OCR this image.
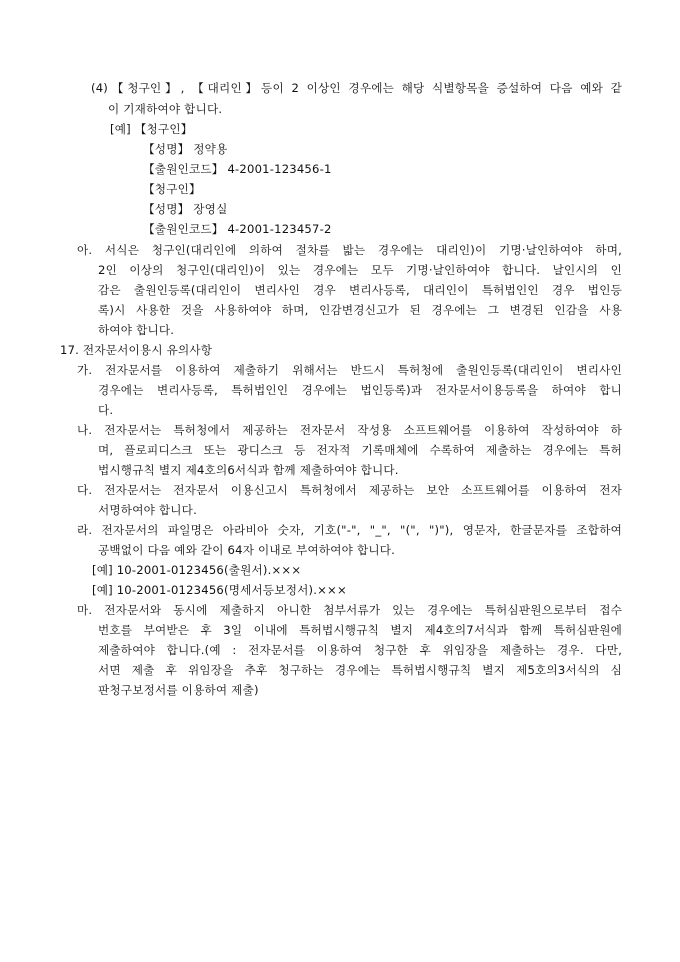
(4)【청구인】, 【대리인】등이 2 이상인 경우에는 해당 식별항목을 증설하여 다음 예와 같
이 기재하여야 합니다.
[예] 【청구인】
【성명】 정약용
【출원인코드】 4-2001-123456-1
【청구인】
【성명】 장영실
【출원인코드】 4-2001-123457-2
아. 서식은 청구인(대리인에 의하여 절차를 밟는 경우에는 대리인)이 기명·날인하여야 하며,
2인 이상의 청구인(대리인)이 있는 경우에는 모두 기명·날인하여야 합니다. 날인시의 인
감은 출원인등록(대리인이 변리사인 경우 변리사등록, 대리인이 특허법인인 경우 법인등
록)시 사용한 것을 사용하여야 하며, 인감변경신고가 된 경우에는 그 변경된 인감을 사용
하여야 합니다.
17. 전자문서이용시 유의사항
가. 전자문서를 이용하여 제출하기 위해서는 반드시 특허청에 출원인등록(대리인이 변리사인
경우에는 변리사등록, 특허법인인 경우에는 법인등록)과 전자문서이용등록을 하여야 합니
다.
나. 전자문서는 특허청에서 제공하는 전자문서 작성용 소프트웨어를 이용하여 작성하여야 하
며, 플로피디스크 또는 광디스크 등 전자적 기록매체에 수록하여 제출하는 경우에는 특허
법시행규칙 별지 제4호의6서식과 함께 제출하여야 합니다.
다. 전자문서는 전자문서 이용신고시 특허청에서 제공하는 보안 소프트웨어를 이용하여 전자
서명하여야 합니다.
라. 전자문서의 파일명은 아라비아 숫자, 기호("-", "_", "(", ")"), 영문자, 한글문자를 조합하여
공백없이 다음 예와 같이 64자 이내로 부여하여야 합니다.
[예] 10-2001-0123456(출원서).×××
[예] 10-2001-0123456(명세서등보정서).×××
마. 전자문서와 동시에 제출하지 아니한 첨부서류가 있는 경우에는 특허심판원으로부터 접수
번호를 부여받은 후 3일 이내에 특허법시행규칙 별지 제4호의7서식과 함께 특허심판원에
제출하여야 합니다.(예 : 전자문서를 이용하여 청구한 후 위임장을 제출하는 경우. 다만,
서면 제출 후 위임장을 추후 청구하는 경우에는 특허법시행규칙 별지 제5호의3서식의 심
판청구보정서를 이용하여 제출)
